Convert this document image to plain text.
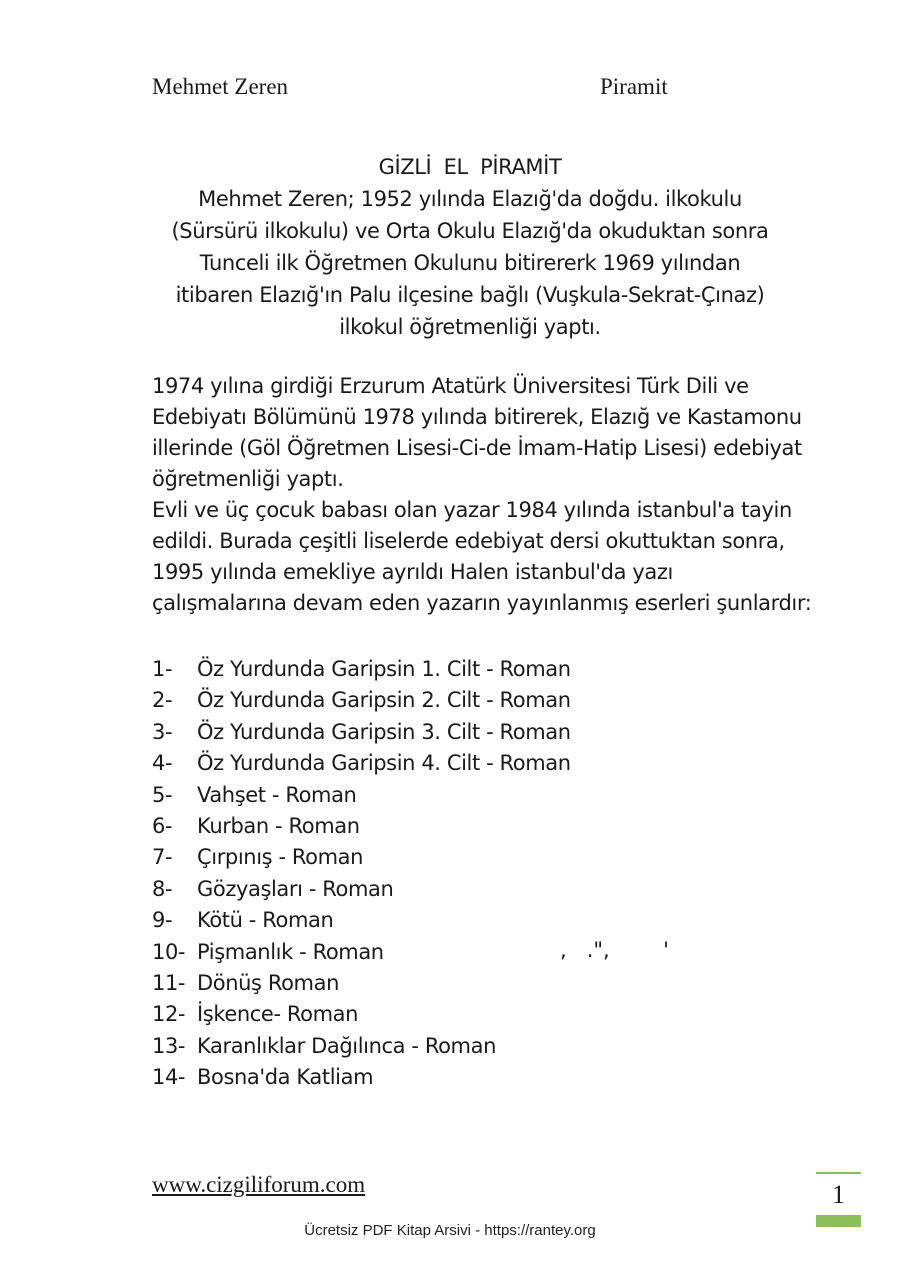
Mehmet Zeren	Piramit
GİZLİ EL PİRAMİT
Mehmet Zeren; 1952 yılında Elazığ'da doğdu. ilkokulu
(Sürsürü ilkokulu) ve Orta Okulu Elazığ'da okuduktan sonra
Tunceli ilk Öğretmen Okulunu bitirererk 1969 yılından
itibaren Elazığ'ın Palu ilçesine bağlı (Vuşkula-Sekrat-Çınaz)
ilkokul öğretmenliği yaptı.

1974 yılına girdiği Erzurum Atatürk Üniversitesi Türk Dili ve Edebiyatı Bölümünü 1978 yılında bitirerek, Elazığ ve Kastamonu illerinde (Göl Öğretmen Lisesi-Ci-de İmam-Hatip Lisesi) edebiyat öğretmenliği yaptı.

Evli ve üç çocuk babası olan yazar 1984 yılında istanbul'a tayin edildi. Burada çeşitli liselerde edebiyat dersi okuttuktan sonra, 1995 yılında emekliye ayrıldı Halen istanbul'da yazı çalışmalarına devam eden yazarın yayınlanmış eserleri şunlardır:

1- Öz Yurdunda Garipsin 1. Cilt - Roman
2- Öz Yurdunda Garipsin 2. Cilt - Roman
3- Öz Yurdunda Garipsin 3. Cilt - Roman
4- Öz Yurdunda Garipsin 4. Cilt - Roman
5- Vahşet - Roman
6- Kurban - Roman
7- Çırpınış - Roman
8- Gözyaşları - Roman
9- Kötü - Roman
10- Pişmanlık - Roman
11- Dönüş Roman
12- İşkence- Roman
13- Karanlıklar Dağılınca - Roman
14- Bosna'da Katliam
,   .",        '
www.cizgiliforum.com	1
Ücretsiz PDF Kitap Arsivi - https://rantey.org
